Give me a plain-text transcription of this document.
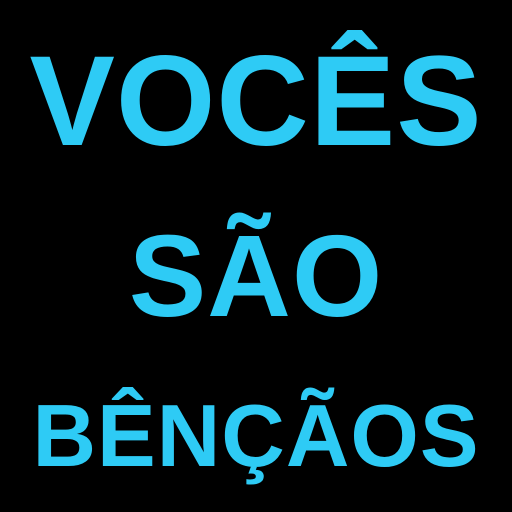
VOCÊS
SÃO
BÊNÇÃOS
